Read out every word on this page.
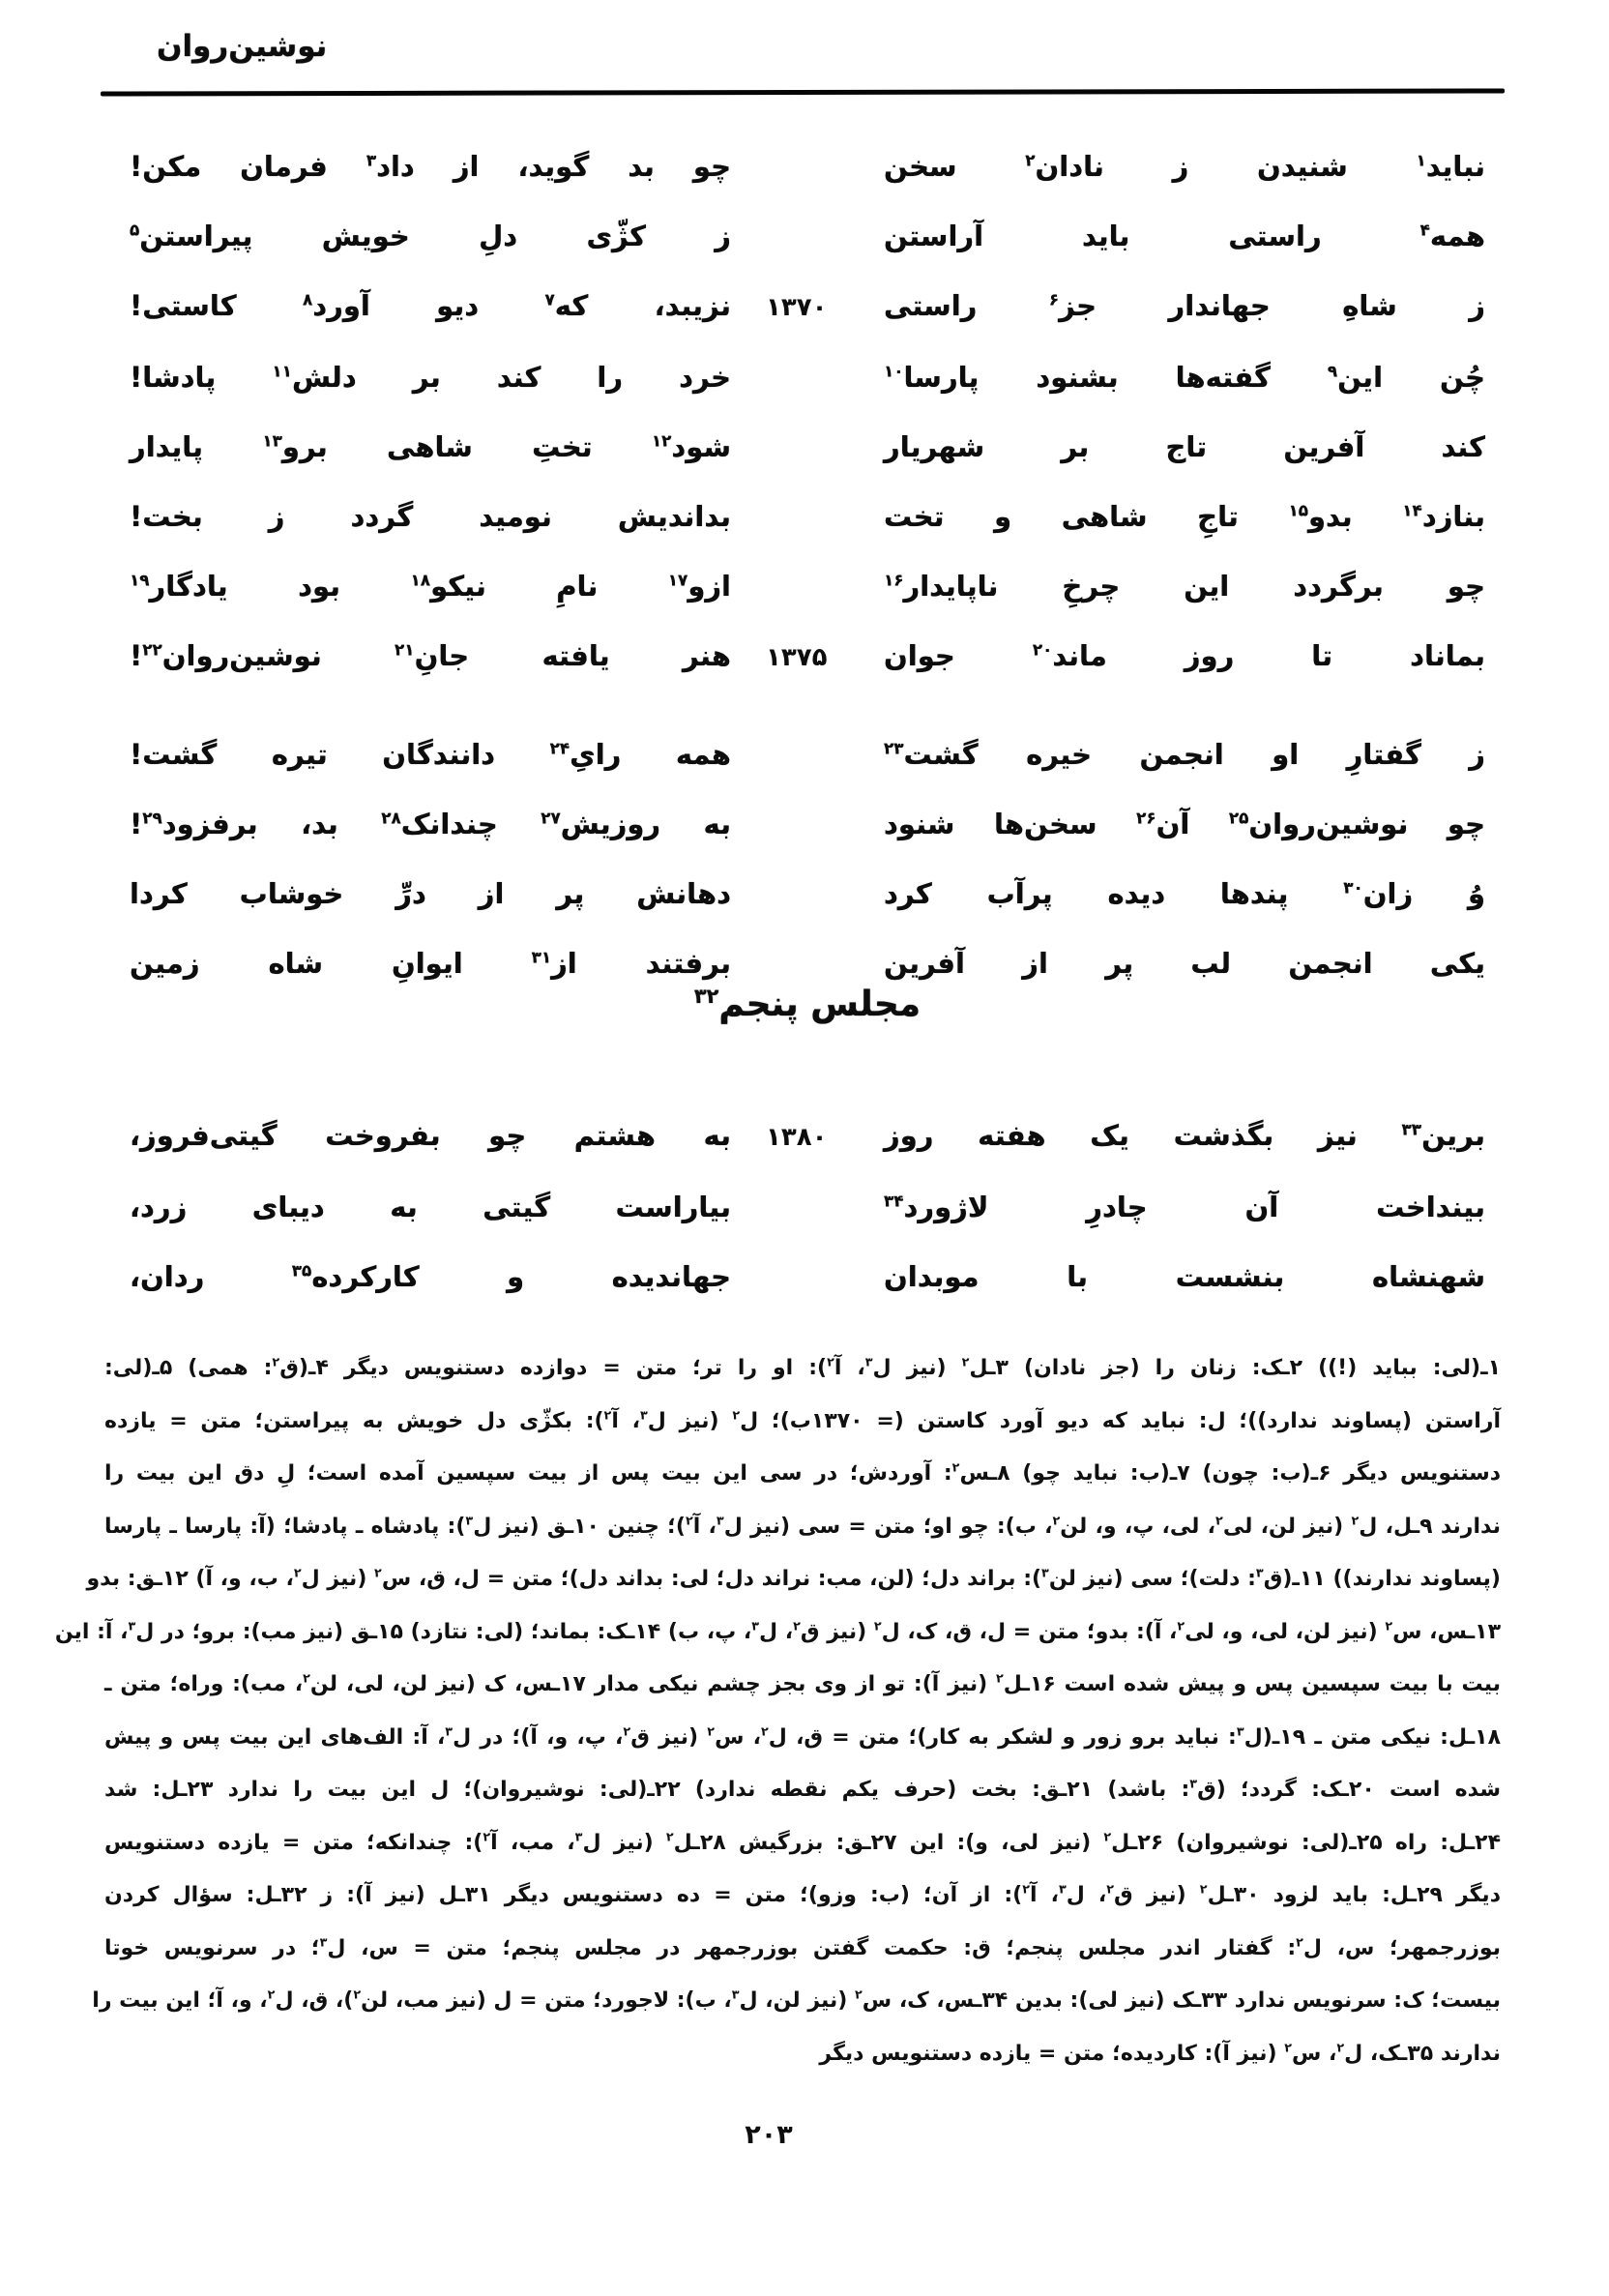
نوشین‌روان
نباید$^۱$ شنیدن ز نادان$^۲$ سخن
چو بد گوید، از داد$^۳$ فرمان مکن!
همه$^۴$ راستی باید آراستن
ز کژّی دلِ خویش پیراستن$^۵$
ز شاهِ جهاندار جز$^۶$ راستی
۱۳۷۰
نزیبد، که$^۷$ دیو آورد$^۸$ کاستی!
چُن این$^۹$ گفته‌ها بشنود پارسا$^{۱۰}$
خرد را کند بر دلش$^{۱۱}$ پادشا!
کند آفرین تاج بر شهریار
شود$^{۱۲}$ تختِ شاهی برو$^{۱۳}$ پایدار
بنازد$^{۱۴}$ بدو$^{۱۵}$ تاجِ شاهی و تخت
بداندیش نومید گردد ز بخت!
چو برگردد این چرخِ ناپایدار$^{۱۶}$
ازو$^{۱۷}$ نامِ نیکو$^{۱۸}$ بود یادگار$^{۱۹}$
بماناد تا روز ماند$^{۲۰}$ جوان
۱۳۷۵
هنر یافته جانِ$^{۲۱}$ نوشین‌روان$^{۲۲}$!
ز گفتارِ او انجمن خیره گشت$^{۲۳}$
همه رایِ$^{۲۴}$ دانندگان تیره گشت!
چو نوشین‌روان$^{۲۵}$ آن$^{۲۶}$ سخن‌ها شنود
به روزیش$^{۲۷}$ چندانک$^{۲۸}$ بد، برفزود$^{۲۹}$!
وُ زان$^{۳۰}$ پندها دیده پرآب کرد
دهانش پر از درِّ خوشاب کردا
یکی انجمن لب پر از آفرین
برفتند از$^{۳۱}$ ایوانِ شاه زمین
مجلس پنجم$^{۳۲}$
برین$^{۳۳}$ نیز بگذشت یک هفته روز
۱۳۸۰
به هشتم چو بفروخت گیتی‌فروز،
بینداخت آن چادرِ لاژورد$^{۳۴}$
بیاراست گیتی به دیبای زرد،
شهنشاه بنشست با موبدان
جهاندیده و کارکرده$^{۳۵}$ ردان،

۱ـ(لی: بباید (!)) ۲ـک: زنان را (جز نادان) ۳ـل$^۲$ (نیز ل$^۳$، آ$^۲$): او را تر؛ متن = دوازده دستنویس دیگر ۴ـ(ق$^۲$: همی) ۵ـ(لی:

آراستن (پساوند ندارد))؛ ل: نباید که دیو آورد کاستن (= ۱۳۷۰ب)؛ ل$^۲$ (نیز ل$^۳$، آ$^۲$): بکژّی دل خویش به پیراستن؛ متن = یازده

دستنویس دیگر ۶ـ(ب: چون) ۷ـ(ب: نباید چو) ۸ـس$^۲$: آوردش؛ در سی این بیت پس از بیت سپسین آمده است؛ لِ دق این بیت را

ندارند ۹ـل، ل$^۲$ (نیز لن، لی$^۲$، لی، پ، و، لن$^۲$، ب): چو او؛ متن = سی (نیز ل$^۳$، آ$^۲$)؛ چنین ۱۰ـق (نیز ل$^۳$): پادشاه ـ پادشا؛ (آ: پارسا ـ پارسا

(پساوند ندارند)) ۱۱ـ(ق$^۳$: دلت)؛ سی (نیز لن$^۳$): براند دل؛ (لن، مب: نراند دل؛ لی: بداند دل)؛ متن = ل، ق، س$^۲$ (نیز ل$^۲$، ب، و، آ) ۱۲ـق: بدو

۱۳ـس، س$^۲$ (نیز لن، لی، و، لی$^۲$، آ): بدو؛ متن = ل، ق، ک، ل$^۲$ (نیز ق$^۲$، ل$^۳$، پ، ب) ۱۴ـک: بماند؛ (لی: نتازد) ۱۵ـق (نیز مب): برو؛ در ل$^۳$، آ: این

بیت با بیت سپسین پس و پیش شده است ۱۶ـل$^۲$ (نیز آ): تو از وی بجز چشم نیکی مدار ۱۷ـس، ک (نیز لن، لی، لن$^۲$، مب): وراه؛ متن ـ

۱۸ـل: نیکی متن ـ ۱۹ـ(ل$^۳$: نباید برو زور و لشکر به کار)؛ متن = ق، ل$^۲$، س$^۲$ (نیز ق$^۲$، پ، و، آ)؛ در ل$^۳$، آ: الف‌های این بیت پس و پیش

شده است ۲۰ـک: گردد؛ (ق$^۳$: باشد) ۲۱ـق: بخت (حرف یکم نقطه ندارد) ۲۲ـ(لی: نوشیروان)؛ ل این بیت را ندارد ۲۳ـل: شد

۲۴ـل: راه ۲۵ـ(لی: نوشیروان) ۲۶ـل$^۲$ (نیز لی، و): این ۲۷ـق: بزرگیش ۲۸ـل$^۲$ (نیز ل$^۳$، مب، آ$^۲$): چندانکه؛ متن = یازده دستنویس

دیگر ۲۹ـل: باید لزود ۳۰ـل$^۲$ (نیز ق$^۲$، ل$^۳$، آ$^۲$): از آن؛ (ب: وزو)؛ متن = ده دستنویس دیگر ۳۱ـل (نیز آ): ز ۳۲ـل: سؤال کردن

بوزرجمهر؛ س، ل$^۲$: گفتار اندر مجلس پنجم؛ ق: حکمت گفتن بوزرجمهر در مجلس پنجم؛ متن = س، ل$^۳$؛ در سرنویس خوتا

بیست؛ ک: سرنویس ندارد ۳۳ـک (نیز لی): بدین ۳۴ـس، ک، س$^۲$ (نیز لن، ل$^۳$، ب): لاجورد؛ متن = ل (نیز مب، لن$^۲$)، ق، ل$^۲$، و، آ؛ این بیت را

ندارند ۳۵ـک، ل$^۲$، س$^۲$ (نیز آ): کاردیده؛ متن = یازده دستنویس دیگر

۲۰۳
